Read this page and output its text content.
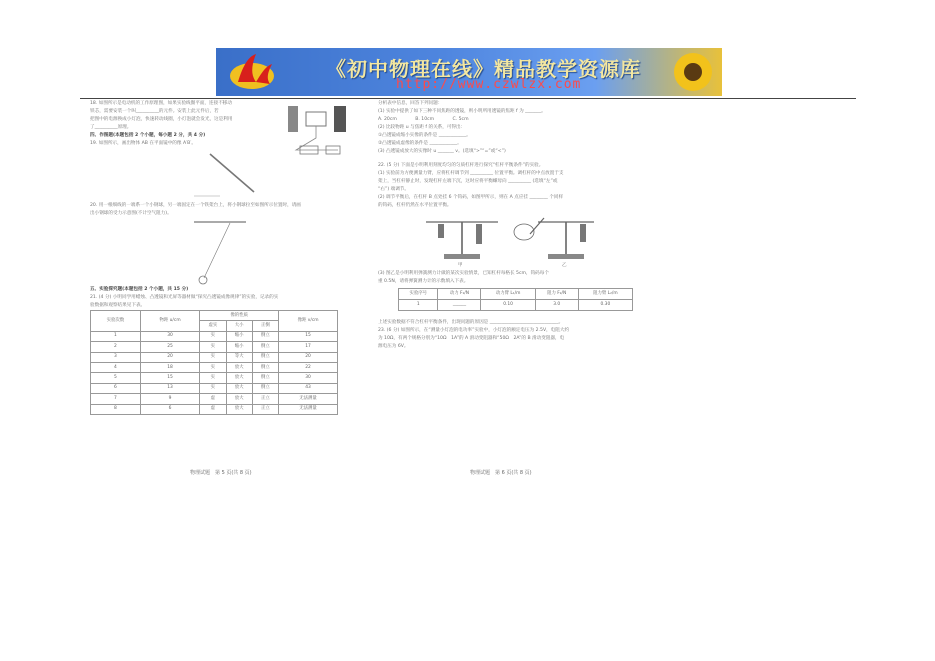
《初中物理在线》精品教学资源库
http://www.czwlzx.com
18. 如图所示是电动机的工作原理图，如果实验线圈平面，连接不移动
铁芯，需要安装一个叫__________的元件。安装上此元件后，若
把图中的电源换成小灯泡，快速转动线圈，小灯泡就会发光，这是利用
了__________原理。
四、作图题(本题包括 2 个小题，每小题 2 分，共 4 分)
19. 如图所示，画出物体 AB 在平面镜中的像 A′B′。
20. 用一根细线的一端系一个小钢球，另一端固定在一个铁架台上，将小钢球拉至如图所示位置时，请画
出小钢球的受力示意图(不计空气阻力)。
五、实验探究题(本题包括 2 个小题，共 15 分)
21. (4 分) 小明同学用蜡烛、凸透镜和光屏等器材做“探究凸透镜成像规律”的实验，记录的实
验数据和观察结果见下表。
实验次数	物距 u/cm	像的性质			像距 v/cm
		虚实	大小	正倒	
1	30	实	缩小	倒立	15
2	25	实	缩小	倒立	17
3	20	实	等大	倒立	20
4	18	实	放大	倒立	22
5	15	实	放大	倒立	30
6	13	实	放大	倒立	43
7	9	虚	放大	正立	无法测量
8	6	虚	放大	正立	无法测量
物理试题　第 5 页(共 8 页)
分析表中信息，回答下列问题：
(1) 实验中提供了如下三种不同焦距的透镜，则小明所用透镜的焦距 f 为 _______。
A. 20cm　　　　B. 10cm　　　　C. 5cm
(2) 比较物距 u 与焦距 f 的关系，可得出：
①凸透镜成缩小实像的条件是 ____________。
②凸透镜成虚像的条件是 ____________。
(3) 凸透镜成放大的实像时 u _______ v。(选填“>”“=”或“<”)
22. (5 分) 下面是小明利用刻度均匀的匀质杠杆进行探究“杠杆平衡条件”的实验。
(1) 实验前为方便测量力臂，应将杠杆调节到 __________ 位置平衡。调杠杆的中点放置于支
架上，当杠杆静止时，发现杠杆左端下沉，这时应将平衡螺母向 __________ (选填“左”或
“右”) 端调节。
(2) 调节平衡后，在杠杆 B 点处挂 6 个钩码，如图甲所示，则在 A 点应挂 ________ 个同样
的钩码，杠杆仍然在水平位置平衡。
甲	乙
(3) 图乙是小明利用弹簧测力计做的某次实验情景，已知杠杆每格长 5cm，钩码每个
重 0.5N，请将弹簧测力计的示数填入下表。
实验序号	动力 F₁/N	动力臂 L₁/m	阻力 F₂/N	阻力臂 L₂/m
1	______	0.10	3.0	0.30
上述实验数据不符合杠杆平衡条件，出现问题的原因是 ______________________________。
23. (6 分) 如图所示，在“测量小灯泡的电功率”实验中，小灯泡的额定电压为 2.5V，电阻大约
为 10Ω，有两个规格分别为“10Ω　1A”的 A 滑动变阻器和“50Ω　2A”的 B 滑动变阻器，电
源电压为 6V。
物理试题　第 6 页(共 8 页)
